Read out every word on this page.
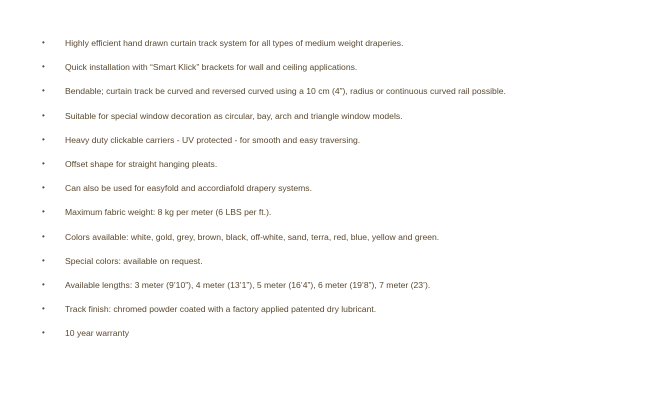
• Highly efficient hand drawn curtain track system for all types of medium weight draperies.
• Quick installation with “Smart Klick” brackets for wall and ceiling applications.
• Bendable; curtain track be curved and reversed curved using a 10 cm (4”), radius or continuous curved rail possible.
• Suitable for special window decoration as circular, bay, arch and triangle window models.
• Heavy duty clickable carriers - UV protected - for smooth and easy traversing.
• Offset shape for straight hanging pleats.
• Can also be used for easyfold and accordiafold drapery systems.
• Maximum fabric weight: 8 kg per meter (6 LBS per ft.).
• Colors available: white, gold, grey, brown, black, off-white, sand, terra, red, blue, yellow and green.
• Special colors: available on request.
• Available lengths: 3 meter (9’10”), 4 meter (13’1”), 5 meter (16’4”), 6 meter (19’8”), 7 meter (23’).
• Track finish: chromed powder coated with a factory applied patented dry lubricant.
• 10 year warranty
